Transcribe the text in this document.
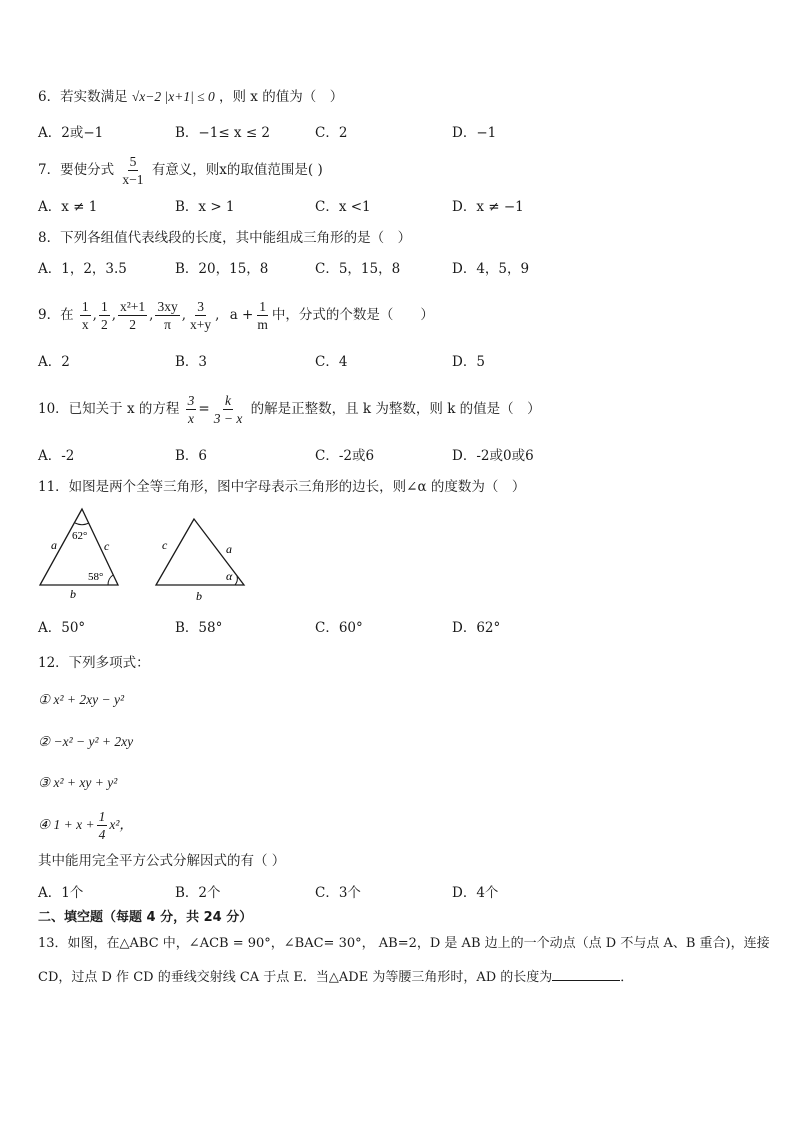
6．若实数满足 √x−2 |x+1| ≤ 0 ，则 x 的值为（　）
A．2或−1	B．−1≤ x ≤ 2	C．2	D．−1
7．要使分式 $\frac{5}{x-1}$ 有意义，则x的取值范围是( )
A．x ≠ 1	B．x > 1	C．x <1	D．x ≠ −1
8．下列各组值代表线段的长度，其中能组成三角形的是（　）
A．1，2，3.5	B．20，15，8	C．5，15，8	D．4，5，9
9．在 $\frac{1}{x}$ , $\frac{1}{2}$ , $\frac{\text{x²+1}}{2}$ , $\frac{3xy}{\pi}$ , $\frac{3}{x+y}$ , $a + \frac{1}{m}$ 中，分式的个数是（　　）
A．2	B．3	C．4	D．5
10．已知关于 x 的方程 $\frac{3}{x} = \frac{k}{3 - x}$ 的解是正整数，且 k 为整数，则 k 的值是（　）
A．-2	B．6	C．-2或6	D．-2或0或6
11．如图是两个全等三角形，图中字母表示三角形的边长，则∠α 的度数为（　）
62°
58°
a	c
b
c	a
α
b
A．50°	B．58°	C．60°	D．62°
12．下列多项式：
① x² + 2xy − y²
② −x² − y² + 2xy
③ x² + xy + y²
④ $1 + x + \frac{1}{4} x^2$，
其中能用完全平方公式分解因式的有（ ）
A．1个	B．2个	C．3个	D．4个
二、填空题（每题 4 分，共 24 分）
13．如图，在△ABC 中，∠ACB = 90°，∠BAC= 30°， AB=2，D 是 AB 边上的一个动点（点 D 不与点 A、B 重合)，连接
CD，过点 D 作 CD 的垂线交射线 CA 于点 E．当△ADE 为等腰三角形时，AD 的长度为	．
